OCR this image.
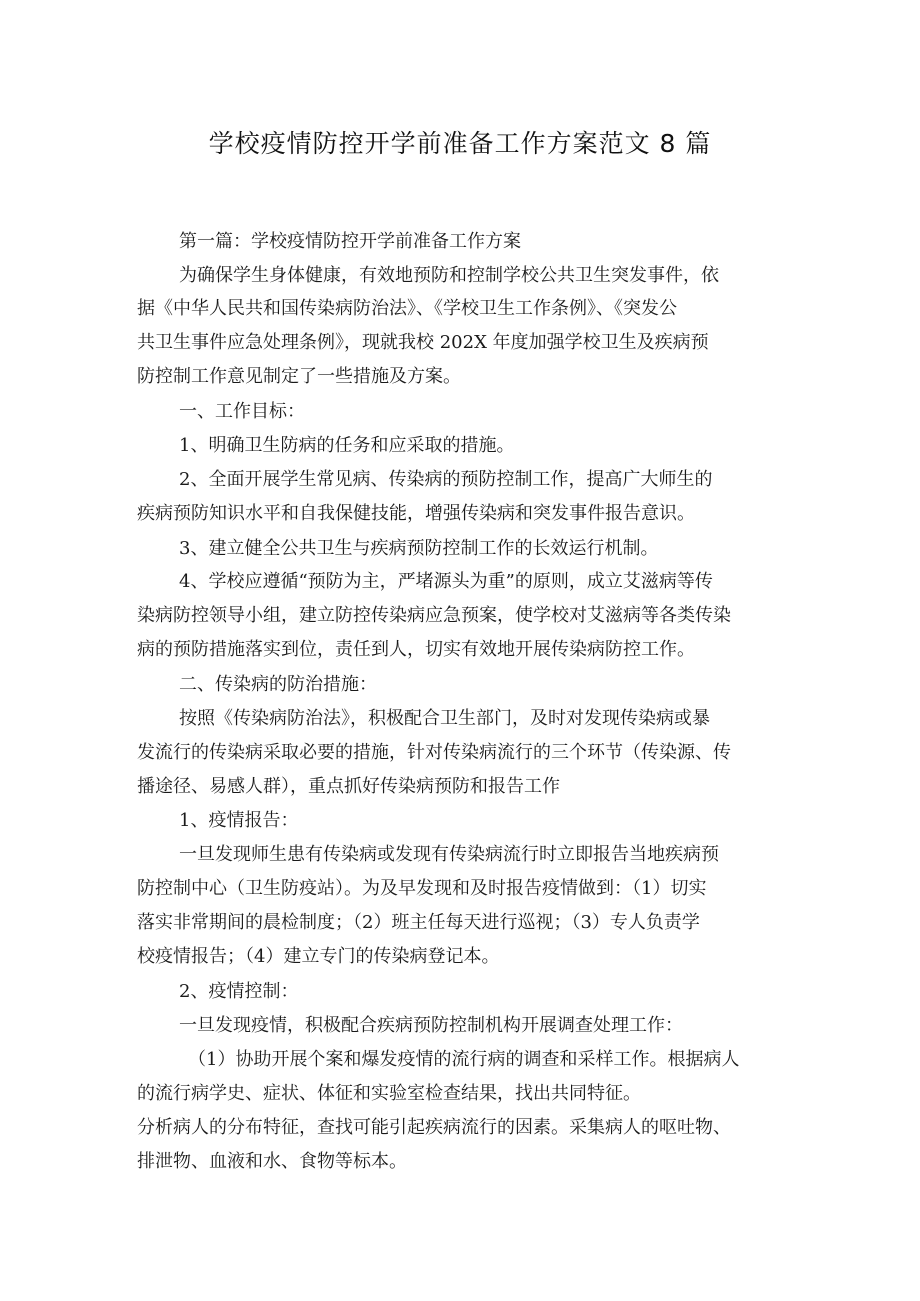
学校疫情防控开学前准备工作方案范文 8 篇
第一篇：学校疫情防控开学前准备工作方案
为确保学生身体健康，有效地预防和控制学校公共卫生突发事件，依
据《中华人民共和国传染病防治法》、《学校卫生工作条例》、《突发公
共卫生事件应急处理条例》，现就我校 202X 年度加强学校卫生及疾病预
防控制工作意见制定了一些措施及方案。
一、工作目标：
1、明确卫生防病的任务和应采取的措施。
2、全面开展学生常见病、传染病的预防控制工作，提高广大师生的
疾病预防知识水平和自我保健技能，增强传染病和突发事件报告意识。
3、建立健全公共卫生与疾病预防控制工作的长效运行机制。
4、学校应遵循“预防为主，严堵源头为重”的原则，成立艾滋病等传
染病防控领导小组，建立防控传染病应急预案，使学校对艾滋病等各类传染
病的预防措施落实到位，责任到人，切实有效地开展传染病防控工作。
二、传染病的防治措施：
按照《传染病防治法》，积极配合卫生部门，及时对发现传染病或暴
发流行的传染病采取必要的措施，针对传染病流行的三个环节（传染源、传
播途径、易感人群），重点抓好传染病预防和报告工作
1、疫情报告：
一旦发现师生患有传染病或发现有传染病流行时立即报告当地疾病预
防控制中心（卫生防疫站）。为及早发现和及时报告疫情做到：（1）切实
落实非常期间的晨检制度；（2）班主任每天进行巡视；（3）专人负责学
校疫情报告；（4）建立专门的传染病登记本。
2、疫情控制：
一旦发现疫情，积极配合疾病预防控制机构开展调查处理工作：
（1）协助开展个案和爆发疫情的流行病的调查和采样工作。根据病人
的流行病学史、症状、体征和实验室检查结果，找出共同特征。
分析病人的分布特征，查找可能引起疾病流行的因素。采集病人的呕吐物、
排泄物、血液和水、食物等标本。
